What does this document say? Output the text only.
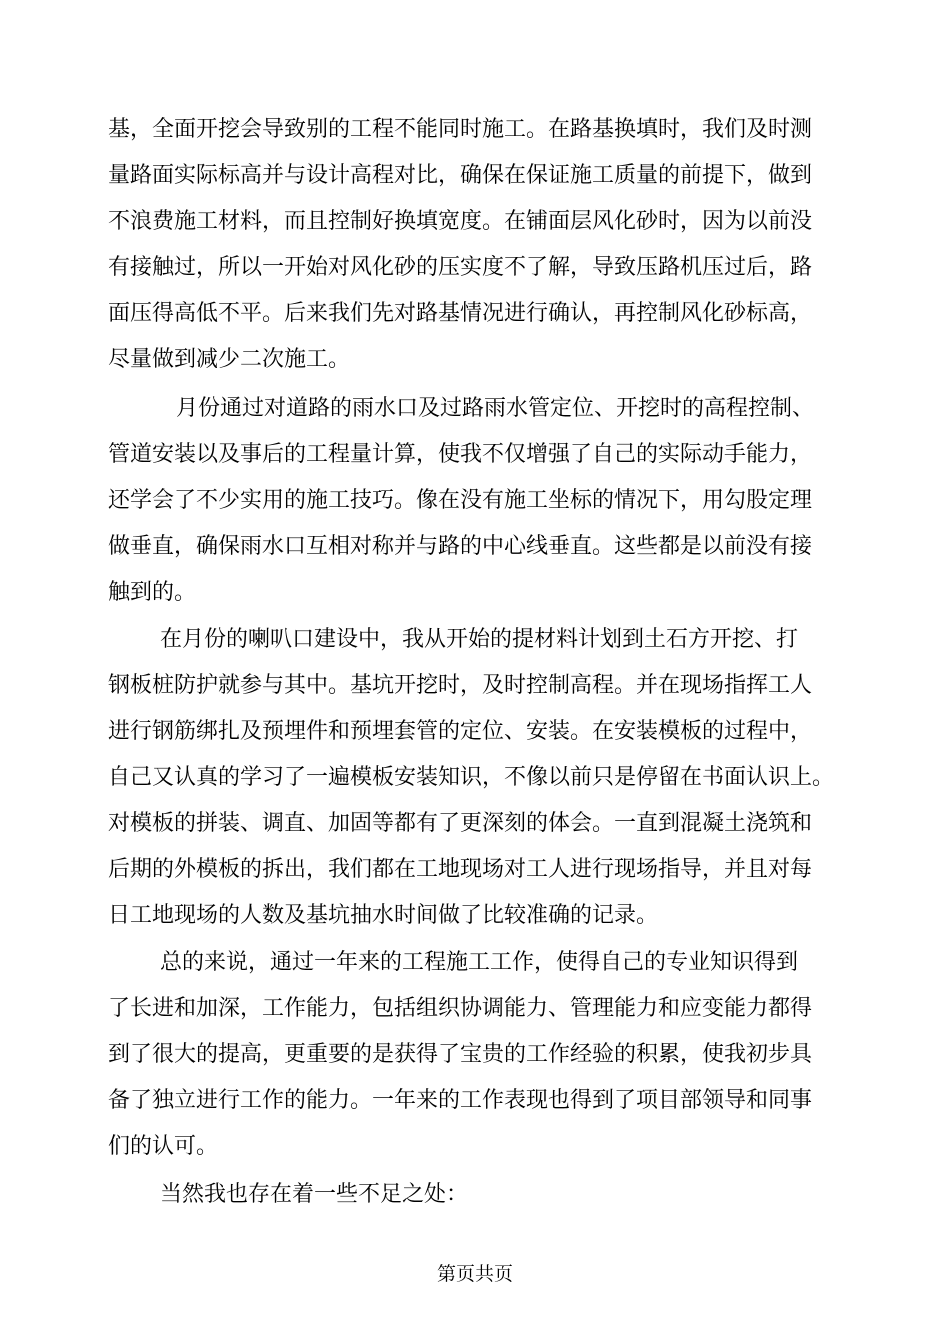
基，全面开挖会导致别的工程不能同时施工。在路基换填时，我们及时测
量路面实际标高并与设计高程对比，确保在保证施工质量的前提下，做到
不浪费施工材料，而且控制好换填宽度。在铺面层风化砂时，因为以前没
有接触过，所以一开始对风化砂的压实度不了解，导致压路机压过后，路
面压得高低不平。后来我们先对路基情况进行确认，再控制风化砂标高，
尽量做到减少二次施工。
月份通过对道路的雨水口及过路雨水管定位、开挖时的高程控制、
管道安装以及事后的工程量计算，使我不仅增强了自己的实际动手能力，
还学会了不少实用的施工技巧。像在没有施工坐标的情况下，用勾股定理
做垂直，确保雨水口互相对称并与路的中心线垂直。这些都是以前没有接
触到的。
在月份的喇叭口建设中，我从开始的提材料计划到土石方开挖、打
钢板桩防护就参与其中。基坑开挖时，及时控制高程。并在现场指挥工人
进行钢筋绑扎及预埋件和预埋套管的定位、安装。在安装模板的过程中，
自己又认真的学习了一遍模板安装知识，不像以前只是停留在书面认识上。
对模板的拼装、调直、加固等都有了更深刻的体会。一直到混凝土浇筑和
后期的外模板的拆出，我们都在工地现场对工人进行现场指导，并且对每
日工地现场的人数及基坑抽水时间做了比较准确的记录。
总的来说，通过一年来的工程施工工作，使得自己的专业知识得到
了长进和加深，工作能力，包括组织协调能力、管理能力和应变能力都得
到了很大的提高，更重要的是获得了宝贵的工作经验的积累，使我初步具
备了独立进行工作的能力。一年来的工作表现也得到了项目部领导和同事
们的认可。
当然我也存在着一些不足之处：
第页共页
